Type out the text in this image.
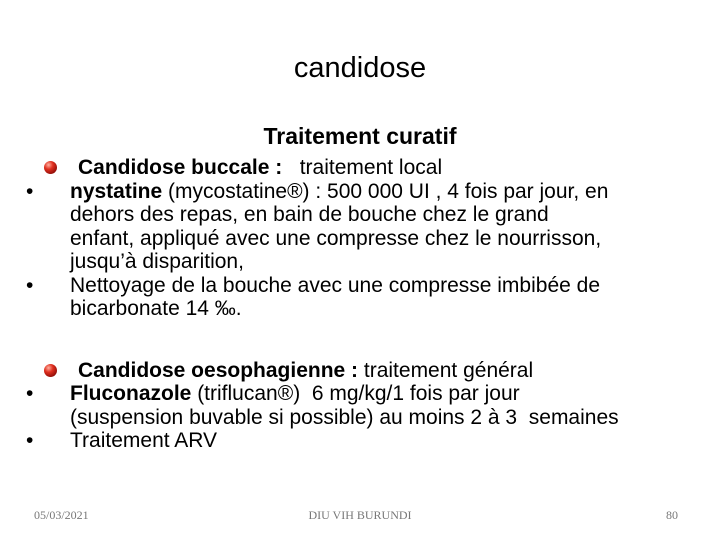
candidose
Traitement curatif
Candidose buccale :   traitement local
• nystatine (mycostatine®) : 500 000 UI , 4 fois par jour, en
dehors des repas, en bain de bouche chez le grand
enfant, appliqué avec une compresse chez le nourrisson,
jusqu’à disparition,
• Nettoyage de la bouche avec une compresse imbibée de
bicarbonate 14 ‰.
Candidose oesophagienne : traitement général
• Fluconazole (triflucan®)  6 mg/kg/1 fois par jour
(suspension buvable si possible) au moins 2 à 3  semaines
• Traitement ARV
05/03/2021	DIU VIH BURUNDI	80
